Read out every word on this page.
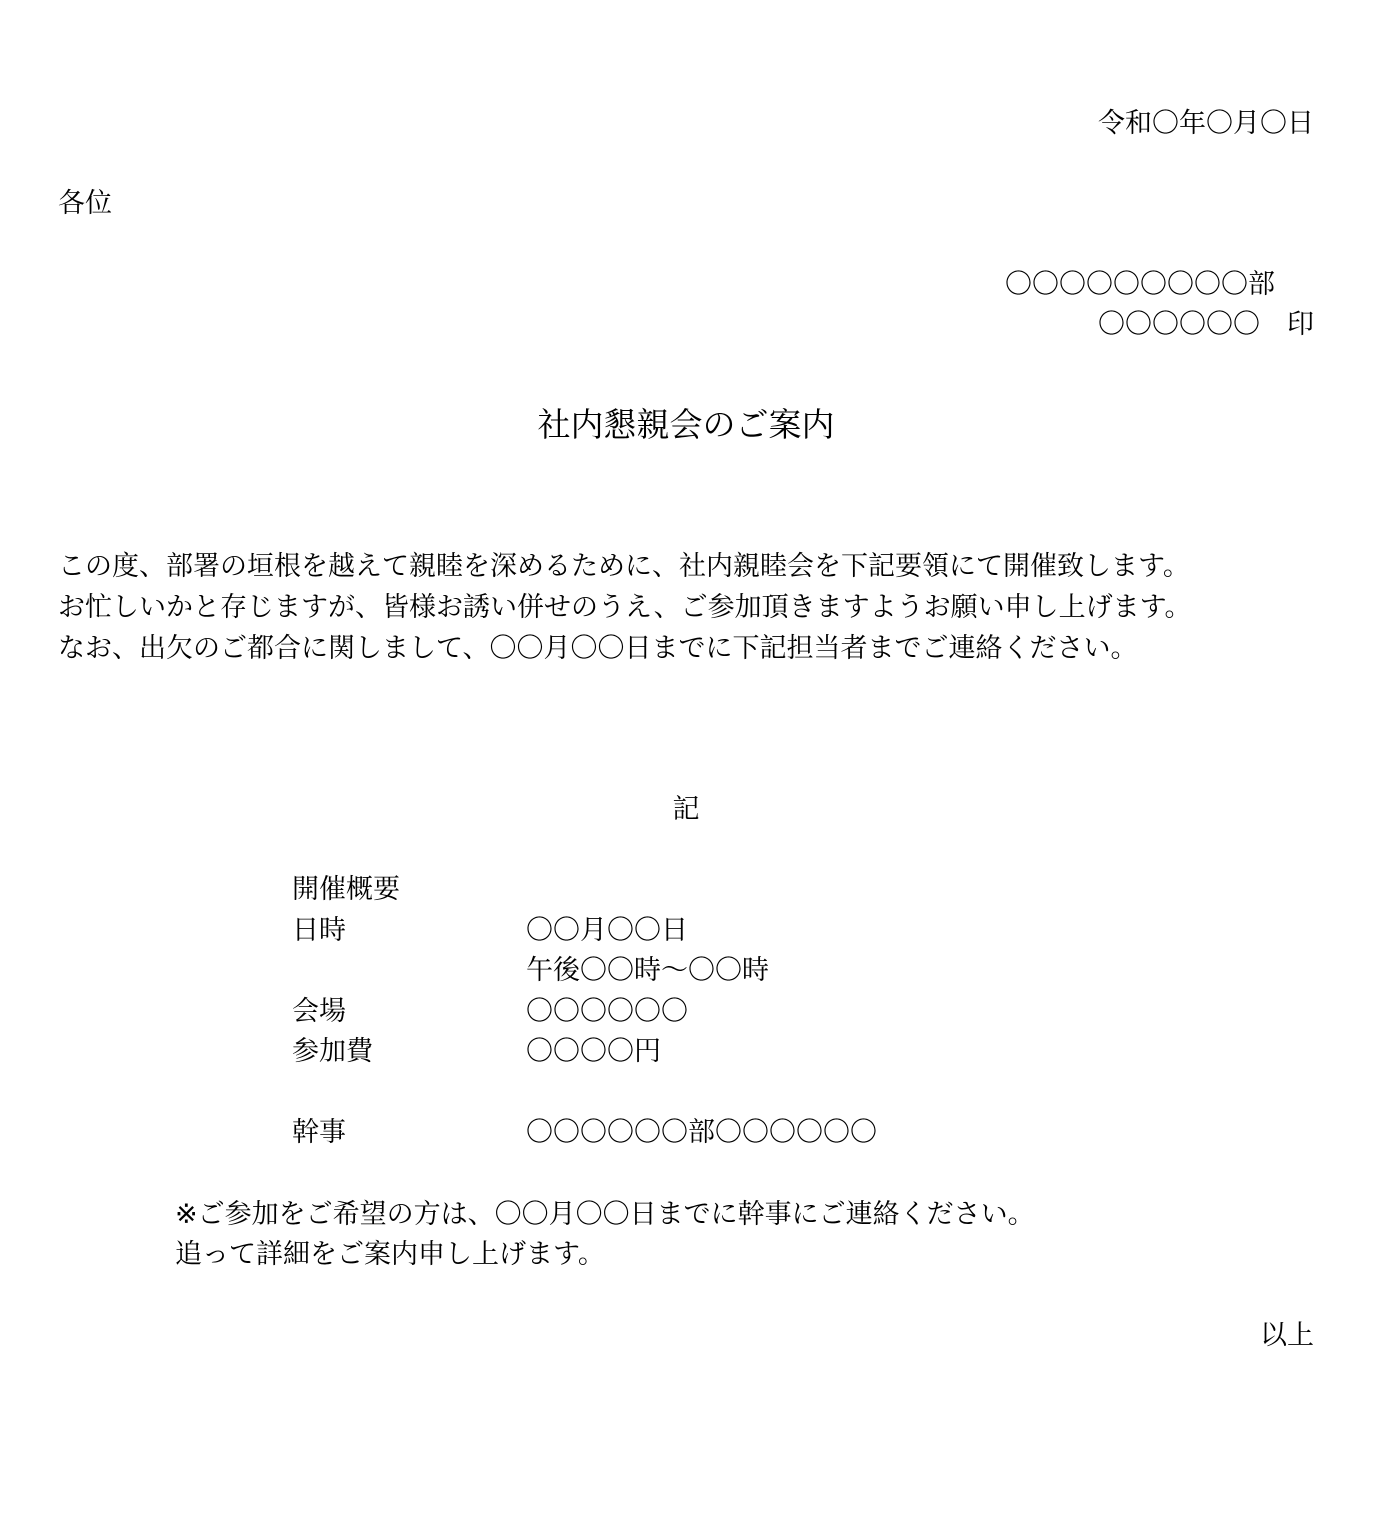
令和〇年〇月〇日
各位
〇〇〇〇〇〇〇〇〇部
〇〇〇〇〇〇　印
社内懇親会のご案内
この度、部署の垣根を越えて親睦を深めるために、社内親睦会を下記要領にて開催致します。
お忙しいかと存じますが、皆様お誘い併せのうえ、ご参加頂きますようお願い申し上げます。
なお、出欠のご都合に関しまして、〇〇月〇〇日までに下記担当者までご連絡ください。
記
開催概要
日時	〇〇月〇〇日
午後〇〇時～〇〇時
会場	〇〇〇〇〇〇
参加費	〇〇〇〇円
幹事	〇〇〇〇〇〇部〇〇〇〇〇〇
※ご参加をご希望の方は、〇〇月〇〇日までに幹事にご連絡ください。
追って詳細をご案内申し上げます。
以上
